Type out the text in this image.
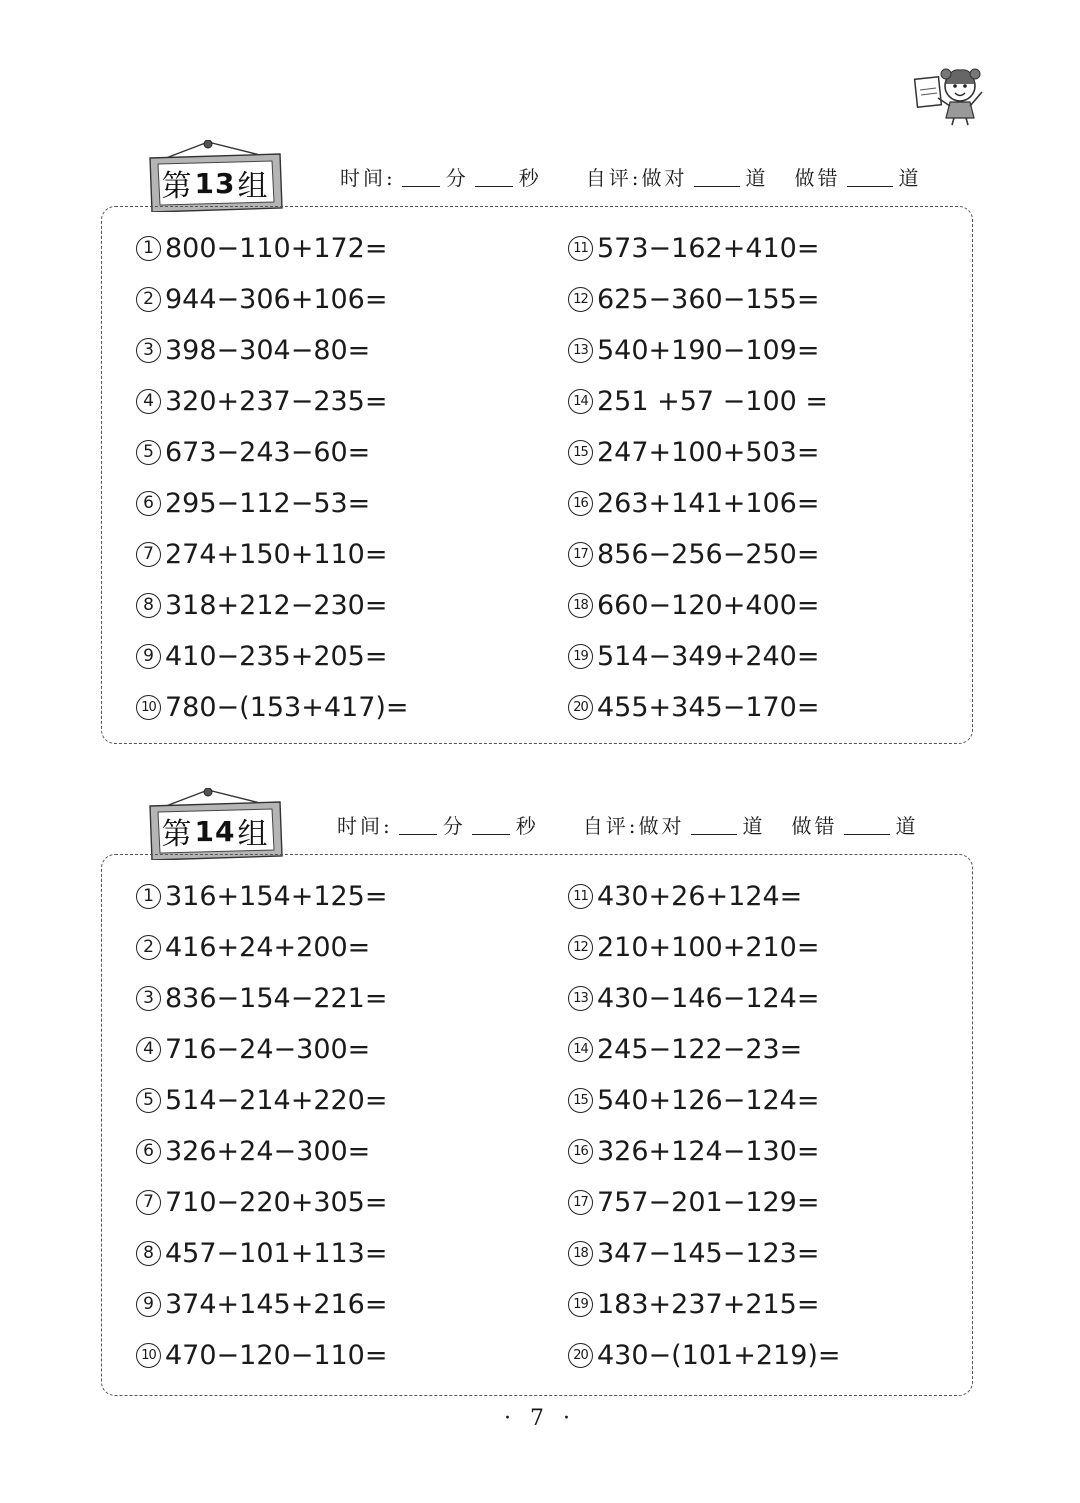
第 13 组	时间:	分	秒 自评:做对	道 做错	道
1 800−110+172=
2 944−306+106=
3 398−304−80=
4 320+237−235=
5 673−243−60=
6 295−112−53=
7 274+150+110=
8 318+212−230=
9 410−235+205=
10 780−(153+417)=
11 573−162+410=
12 625−360−155=
13 540+190−109=
14 251 +57 −100 =
15 247+100+503=
16 263+141+106=
17 856−256−250=
18 660−120+400=
19 514−349+240=
20 455+345−170=
第 14 组	时间:	分	秒 自评:做对	道 做错	道
1 316+154+125=
2 416+24+200=
3 836−154−221=
4 716−24−300=
5 514−214+220=
6 326+24−300=
7 710−220+305=
8 457−101+113=
9 374+145+216=
10 470−120−110=
11 430+26+124=
12 210+100+210=
13 430−146−124=
14 245−122−23=
15 540+126−124=
16 326+124−130=
17 757−201−129=
18 347−145−123=
19 183+237+215=
20 430−(101+219)=
· 7 ·
